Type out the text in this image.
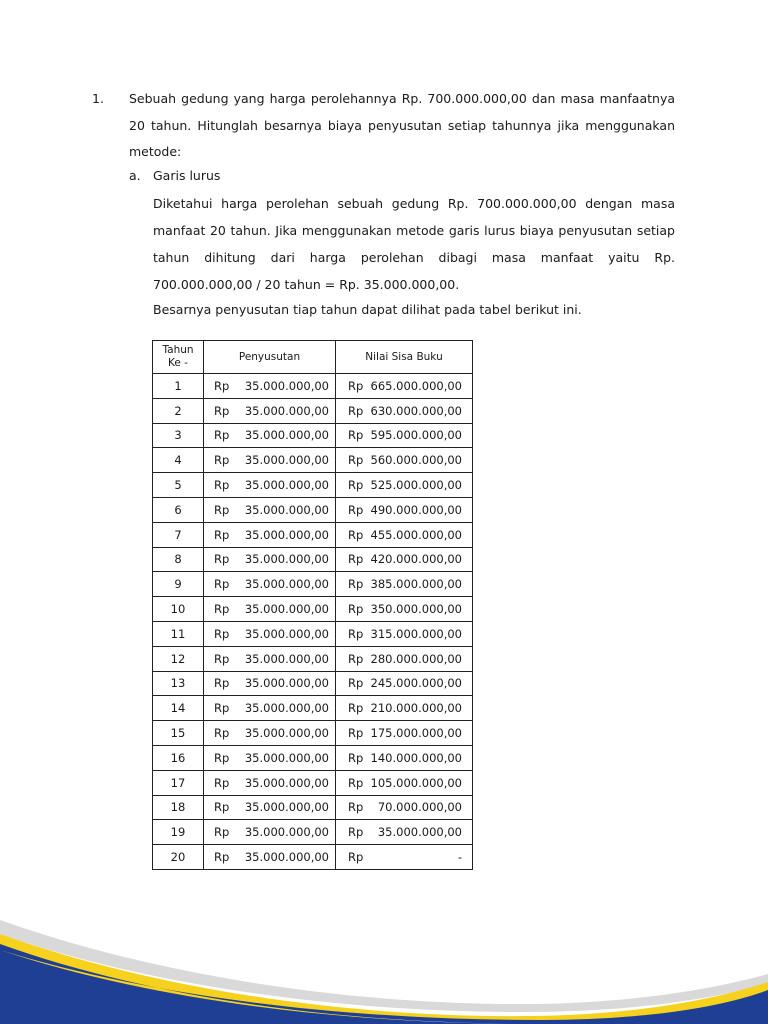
1. Sebuah gedung yang harga perolehannya Rp. 700.000.000,00 dan masa manfaatnya 20 tahun. Hitunglah besarnya biaya penyusutan setiap tahunnya jika menggunakan metode:
a. Garis lurus

Diketahui harga perolehan sebuah gedung Rp. 700.000.000,00 dengan masa manfaat 20 tahun. Jika menggunakan metode garis lurus biaya penyusutan setiap tahun dihitung dari harga perolehan dibagi masa manfaat yaitu Rp. 700.000.000,00 / 20 tahun = Rp. 35.000.000,00.

Besarnya penyusutan tiap tahun dapat dilihat pada tabel berikut ini.
Tahun
Ke -	Penyusutan	Nilai Sisa Buku
1	Rp 35.000.000,00	Rp 665.000.000,00

2	Rp 35.000.000,00	Rp 630.000.000,00

3	Rp 35.000.000,00	Rp 595.000.000,00

4	Rp 35.000.000,00	Rp 560.000.000,00

5	Rp 35.000.000,00	Rp 525.000.000,00

6	Rp 35.000.000,00	Rp 490.000.000,00

7	Rp 35.000.000,00	Rp 455.000.000,00

8	Rp 35.000.000,00	Rp 420.000.000,00

9	Rp 35.000.000,00	Rp 385.000.000,00

10	Rp 35.000.000,00	Rp 350.000.000,00

11	Rp 35.000.000,00	Rp 315.000.000,00

12	Rp 35.000.000,00	Rp 280.000.000,00

13	Rp 35.000.000,00	Rp 245.000.000,00

14	Rp 35.000.000,00	Rp 210.000.000,00

15	Rp 35.000.000,00	Rp 175.000.000,00

16	Rp 35.000.000,00	Rp 140.000.000,00

17	Rp 35.000.000,00	Rp 105.000.000,00

18	Rp 35.000.000,00	Rp 70.000.000,00

19	Rp 35.000.000,00	Rp 35.000.000,00

20	Rp 35.000.000,00	Rp -
